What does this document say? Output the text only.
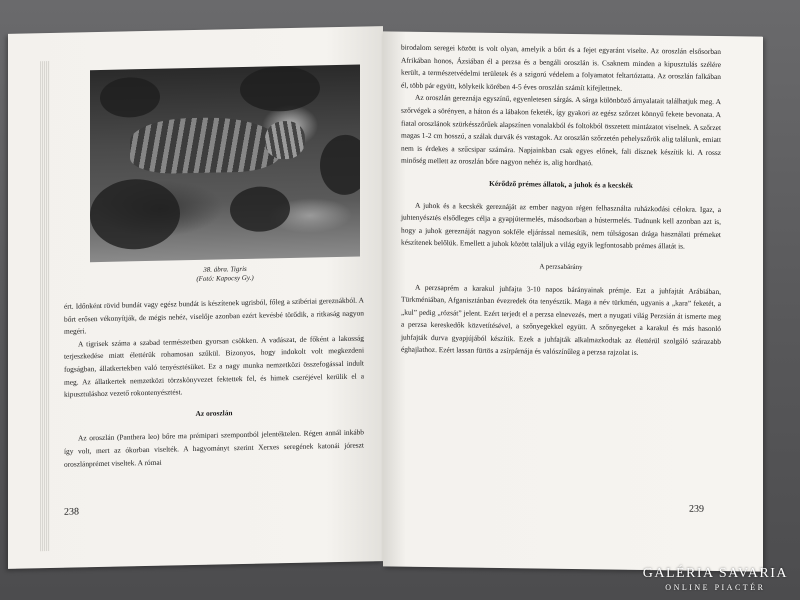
38. ábra. Tigris
(Fotó: Kapocsy Gy.)

ért. Időnként rövid bundát vagy egész bundát is készítenek ugrisból, főleg a szibériai gereznákból. A bőrt erősen vékonyítják, de mégis nehéz, viselője azonban ezért kevésbé törődik, a ritkaság nagyon megéri.

A tigrisek száma a szabad természetben gyorsan csökken. A vadászat, de főként a lakosság terjeszkedése miatt élettérük rohamosan szűkül. Bizonyos, hogy indokolt volt megkezdeni fogságban, állatkertekben való tenyésztésüket. Ez a nagy munka nemzetközi összefogással indult meg. Az állatkertek nemzetközi törzskönyvezet fektettek fel, és himek cseréjével kerülik el a kipusztuláshoz vezető rokontenyésztést.

Az oroszlán

Az oroszlán (Panthera leo) bőre ma prémipari szempontból jelentéktelen. Régen annál inkább így volt, mert az ókorban viselték. A hagyományt szerint Xerxes seregének katonái jóreszt oroszlánprémet viseltek. A római

238

birodalom seregei között is volt olyan, amelyik a bőrt és a fejet egyaránt viselte. Az oroszlán elsősorban Afrikában honos, Ázsiában él a perzsa és a bengáli oroszlán is. Csaknem minden a kipusztulás szélére került, a természetvédelmi területek és a szigorú védelem a folyamatot feltartóztatta. Az oroszlán falkában él, több pár együtt, kölykeik körében 4-5 éves oroszlán számít kifejlettnek.

Az oroszlán gereznája egyszínű, egyenletesen sárgás. A sárga különböző árnyalatait találhatjuk meg. A szőrvégek a sörényen, a háton és a lábakon feketék, így gyakori az egész szőrzet könnyű fekete bevonata. A fiatal oroszlánok szürkésszőrűek alapszínen vonalakból és foltokból összetett mintázatot viselnek. A szőrzet magas 1-2 cm hosszú, a szálak durvák és vastagok. Az oroszlán szőrzetén pehelyszőrök alig találunk, emiatt nem is érdekes a szűcsipar számára. Napjainkban csak egyes előnek, fali dísznek készítik ki. A rossz minőség mellett az oroszlán bőre nagyon nehéz is, alig hordható.

Kérődző prémes állatok, a juhok és a kecskék

A juhok és a kecskék gereznáját az ember nagyon régen felhasználta ruházkodási célokra. Igaz, a juhtenyésztés elsődleges célja a gyapjútermelés, másodsorban a hústermelés. Tudnunk kell azonban azt is, hogy a juhok gereznáját nagyon sokféle eljárással nemesítik, nem túlságosan drága használati prémeket készítenek belőlük. Emellett a juhok között találjuk a világ egyik legfontosabb prémes állatát is.

A perzsabárány

A perzsaprém a karakul juhfajta 3-10 napos bárányainak prémje. Ezt a juhfajtát Arábiában, Türkméniában, Afganisztánban évezredek óta tenyésztik. Maga a név türkmén, ugyanis a „kara” feketét, a „kul” pedig „rózsát” jelent. Ezért terjedt el a perzsa elnevezés, mert a nyugati világ Perzsián át ismerte meg a perzsa kereskedők közvetítésével, a szőnyegekkel együtt. A szőnyegeket a karakul és más hasonló juhfajták durva gyapjújából készítik. Ezek a juhfajták alkalmazkodtak az élettérül szolgáló szárazabb éghajlathoz. Ezért lassan fürtös a zsírpárnája és valószínűleg a perzsa rajzolat is.

239
GALÉRIA SAVARIA
ONLINE PIACTÉR
